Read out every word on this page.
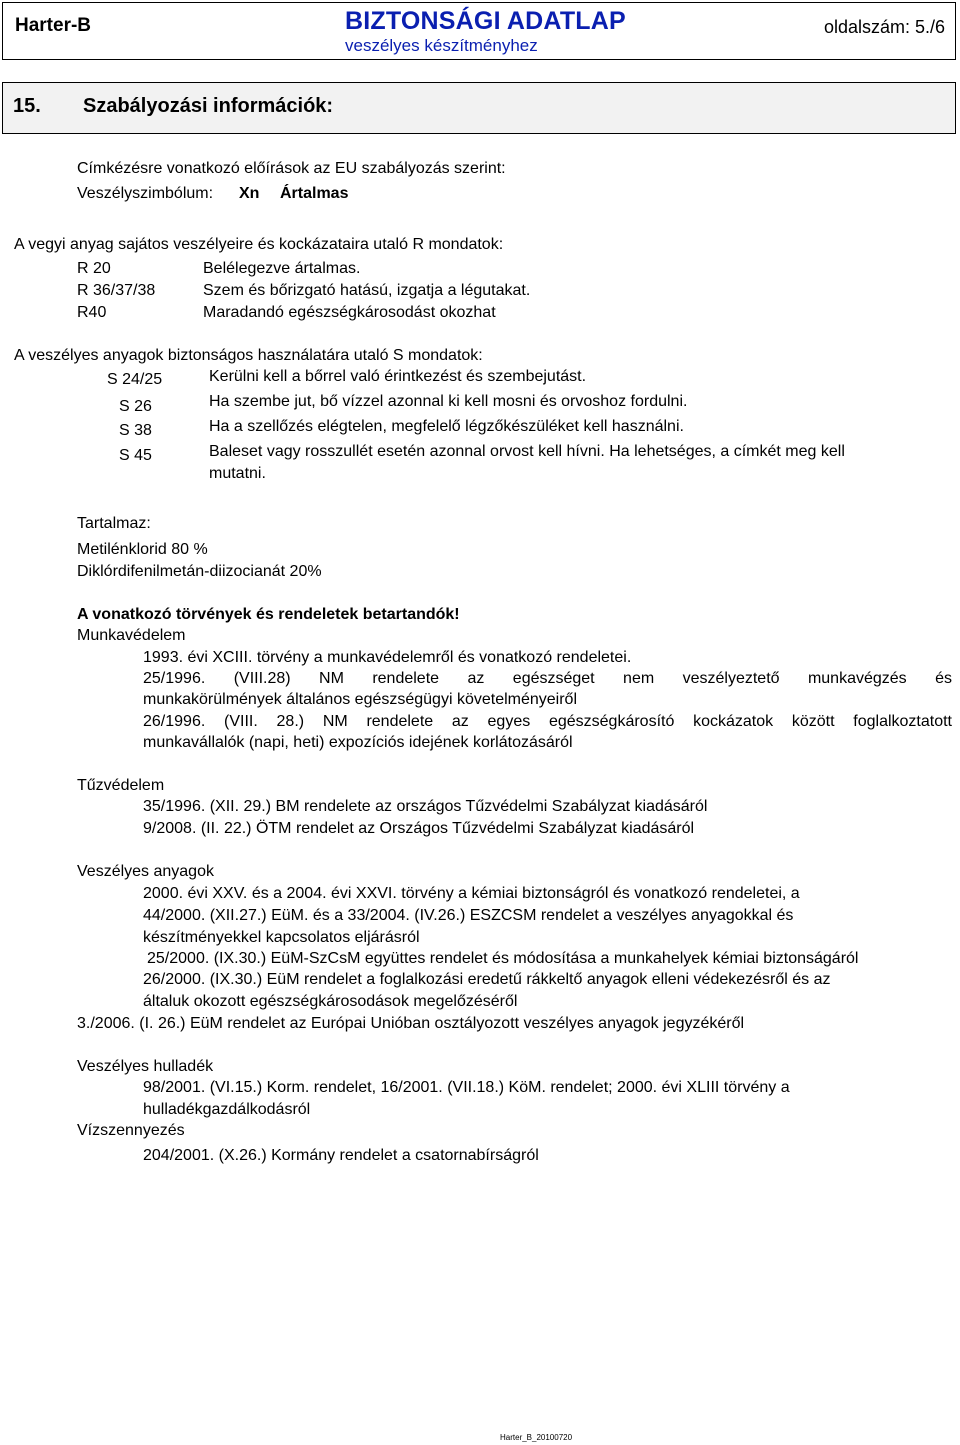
Harter-B	BIZTONSÁGI ADATLAP
veszélyes készítményhez
oldalszám: 5./6
15. Szabályozási információk:
Címkézésre vonatkozó előírások az EU szabályozás szerint:
Veszélyszimbólum: Xn Ártalmas
A vegyi anyag sajátos veszélyeire és kockázataira utaló R mondatok:
R 20	Belélegezve ártalmas.
R 36/37/38	Szem és bőrizgató hatású, izgatja a légutakat.
R40	Maradandó egészségkárosodást okozhat
A veszélyes anyagok biztonságos használatára utaló S mondatok:
S 24/25	Kerülni kell a bőrrel való érintkezést és szembejutást.
S 26	Ha szembe jut, bő vízzel azonnal ki kell mosni és orvoshoz fordulni.
S 38	Ha a szellőzés elégtelen, megfelelő légzőkészüléket kell használni.
S 45	Baleset vagy rosszullét esetén azonnal orvost kell hívni. Ha lehetséges, a címkét meg kell
mutatni.
Tartalmaz:
Metilénklorid 80 %
Diklórdifenilmetán-diizocianát 20%
A vonatkozó törvények és rendeletek betartandók!
Munkavédelem
1993. évi XCIII. törvény a munkavédelemről és vonatkozó rendeletei.
25/1996. (VIII.28) NM rendelete az egészséget nem veszélyeztető munkavégzés és
munkakörülmények általános egészségügyi követelményeiről
26/1996. (VIII. 28.) NM rendelete az egyes egészségkárosító kockázatok között foglalkoztatott
munkavállalók (napi, heti) expozíciós idejének korlátozásáról
Tűzvédelem
35/1996. (XII. 29.) BM rendelete az országos Tűzvédelmi Szabályzat kiadásáról
9/2008. (II. 22.) ÖTM rendelet az Országos Tűzvédelmi Szabályzat kiadásáról
Veszélyes anyagok
2000. évi XXV. és a 2004. évi XXVI. törvény a kémiai biztonságról és vonatkozó rendeletei, a
44/2000. (XII.27.) EüM. és a 33/2004. (IV.26.) ESZCSM rendelet a veszélyes anyagokkal és
készítményekkel kapcsolatos eljárásról
25/2000. (IX.30.) EüM-SzCsM együttes rendelet és módosítása a munkahelyek kémiai biztonságáról
26/2000. (IX.30.) EüM rendelet a foglalkozási eredetű rákkeltő anyagok elleni védekezésről és az
általuk okozott egészségkárosodások megelőzéséről
3./2006. (I. 26.) EüM rendelet az Európai Unióban osztályozott veszélyes anyagok jegyzékéről
Veszélyes hulladék
98/2001. (VI.15.) Korm. rendelet, 16/2001. (VII.18.) KöM. rendelet; 2000. évi XLIII törvény a
hulladékgazdálkodásról
Vízszennyezés
204/2001. (X.26.) Kormány rendelet a csatornabírságról
Harter_B_20100720
